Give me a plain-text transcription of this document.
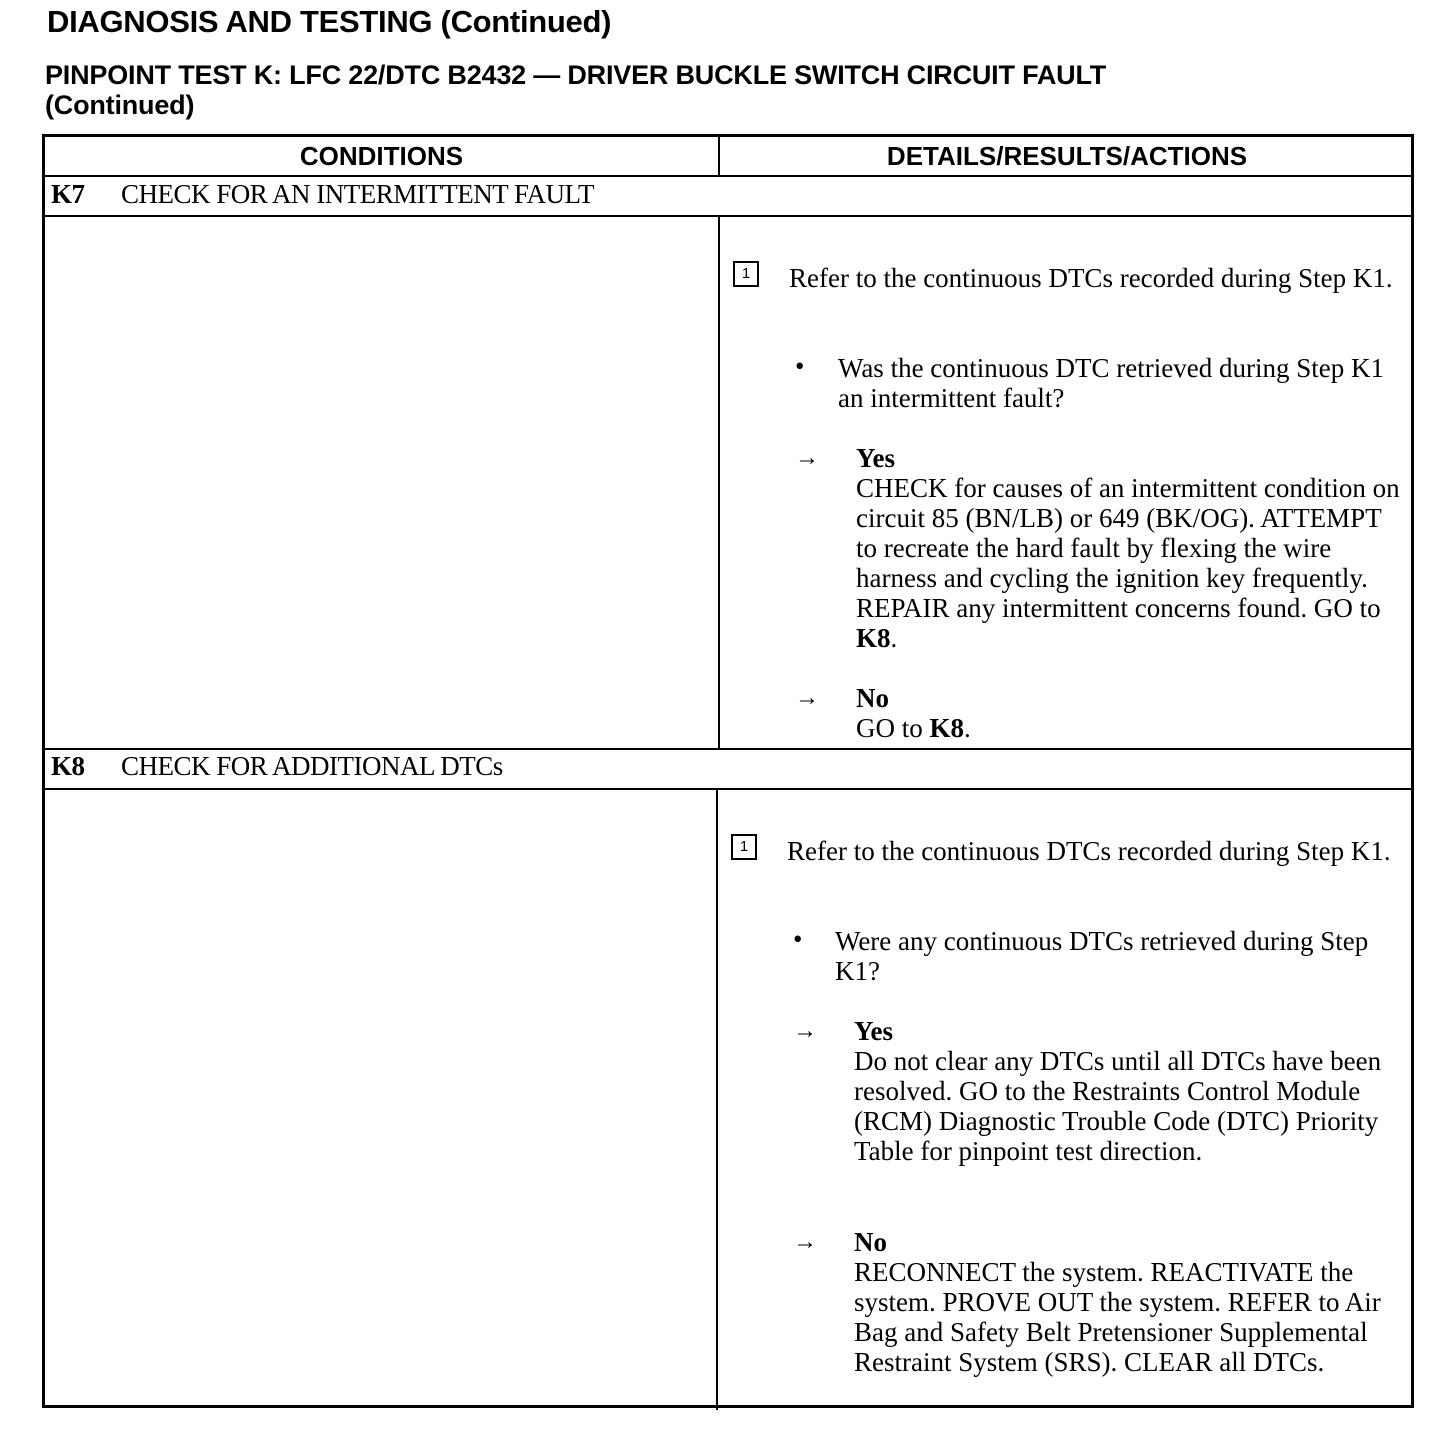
DIAGNOSIS AND TESTING (Continued)
PINPOINT TEST K: LFC 22/DTC B2432 — DRIVER BUCKLE SWITCH CIRCUIT FAULT
(Continued)
CONDITIONS	DETAILS/RESULTS/ACTIONS
K7 CHECK FOR AN INTERMITTENT FAULT
1	Refer to the continuous DTCs recorded during Step K1.
• Was the continuous DTC retrieved during Step K1 an intermittent fault?
→ Yes
CHECK for causes of an intermittent condition on circuit 85 (BN/LB) or 649 (BK/OG). ATTEMPT to recreate the hard fault by flexing the wire harness and cycling the ignition key frequently. REPAIR any intermittent concerns found. GO to K8.
→ No
GO to K8.
K8 CHECK FOR ADDITIONAL DTCs
1	Refer to the continuous DTCs recorded during Step K1.
• Were any continuous DTCs retrieved during Step K1?
→ Yes
Do not clear any DTCs until all DTCs have been resolved. GO to the Restraints Control Module (RCM) Diagnostic Trouble Code (DTC) Priority Table for pinpoint test direction.
→ No
RECONNECT the system. REACTIVATE the system. PROVE OUT the system. REFER to Air Bag and Safety Belt Pretensioner Supplemental Restraint System (SRS). CLEAR all DTCs.
